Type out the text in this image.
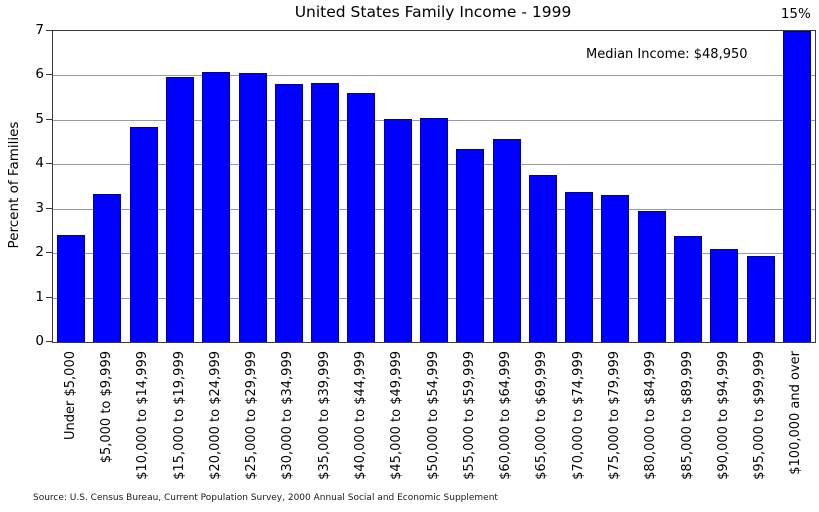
United States Family Income - 1999	15%
Median Income: $48,950
Percent of Families
0
1
2
3
4
5
6
7
Source: U.S. Census Bureau, Current Population Survey, 2000 Annual Social and Economic Supplement
Under $5,000 $5,000 to $9,999 $10,000 to $14,999 $15,000 to $19,999 $20,000 to $24,999 $25,000 to $29,999 $30,000 to $34,999 $35,000 to $39,999 $40,000 to $44,999 $45,000 to $49,999 $50,000 to $54,999 $55,000 to $59,999 $60,000 to $64,999 $65,000 to $69,999 $70,000 to $74,999 $75,000 to $79,999 $80,000 to $84,999 $85,000 to $89,999 $90,000 to $94,999 $95,000 to $99,999 $100,000 and over
